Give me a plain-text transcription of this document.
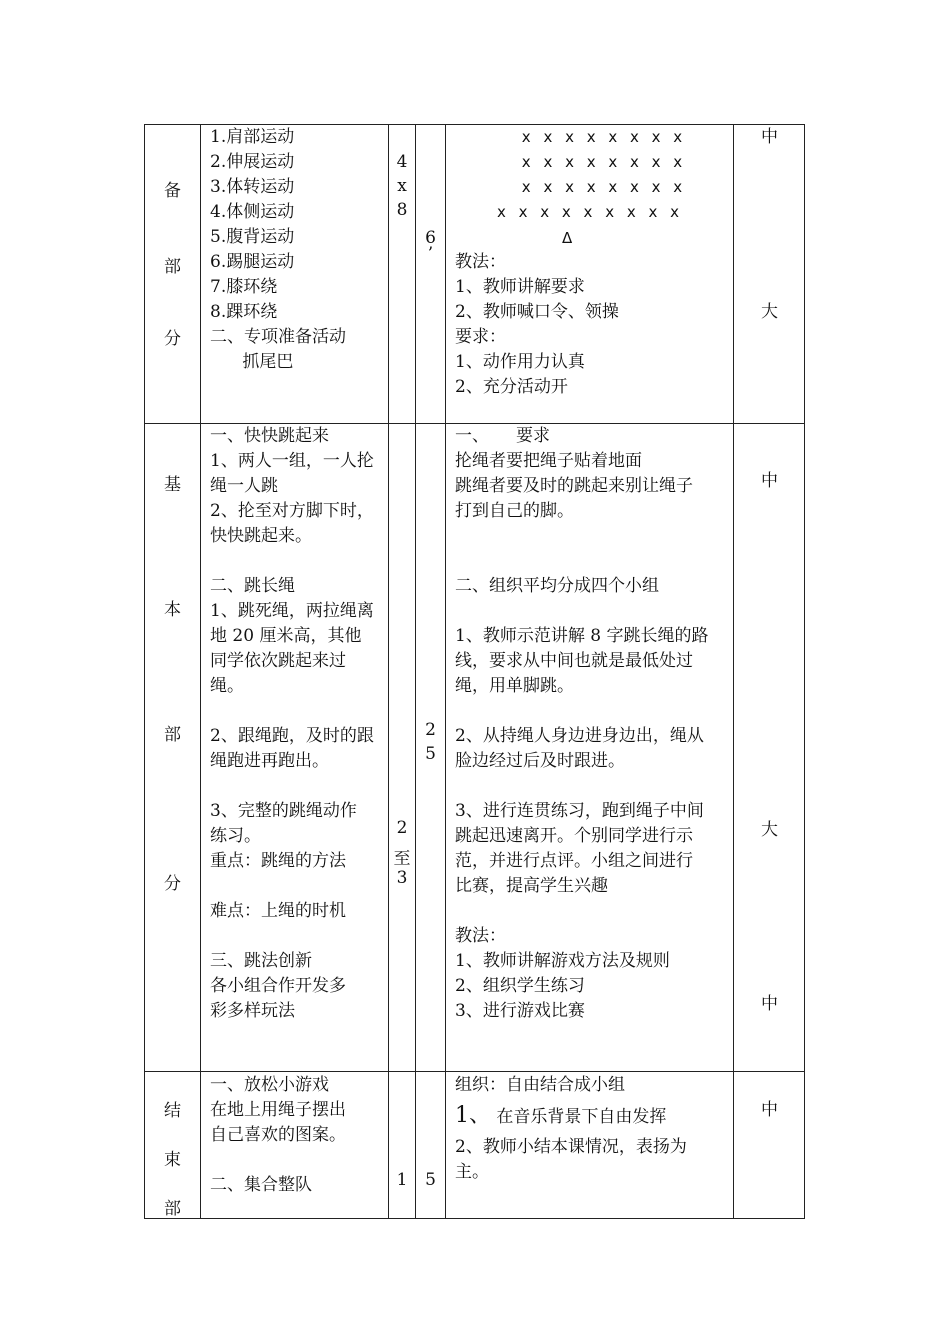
备
部
分
1.肩部运动
2.伸展运动
3.体转运动
4.体侧运动
5.腹背运动
6.踢腿运动
7.膝环绕
8.踝环绕
二、专项准备活动
抓尾巴
4
x
8
6
’
x x x x x x x x
x x x x x x x x
x x x x x x x x
x x x x x x x x x
Δ
教法：
1、教师讲解要求
2、教师喊口令、领操
要求：
1、动作用力认真
2、充分活动开
中
大
基
本
部
分
一、快快跳起来
1、两人一组，一人抡
绳一人跳
2、抡至对方脚下时，
快快跳起来。
二、跳长绳
1、跳死绳，两拉绳离
地 20 厘米高，其他
同学依次跳起来过
绳。
2、跟绳跑，及时的跟
绳跑进再跑出。
3、完整的跳绳动作
练习。
重点：跳绳的方法
难点：上绳的时机
三、跳法创新
各小组合作开发多
彩多样玩法
2
至
3
2
5
一、     要求
抡绳者要把绳子贴着地面
跳绳者要及时的跳起来别让绳子
打到自己的脚。
二、组织平均分成四个小组
1、教师示范讲解 8 字跳长绳的路
线，要求从中间也就是最低处过
绳，用单脚跳。
2、从持绳人身边进身边出，绳从
脸边经过后及时跟进。
3、进行连贯练习，跑到绳子中间
跳起迅速离开。个别同学进行示
范，并进行点评。小组之间进行
比赛，提高学生兴趣
教法：
1、教师讲解游戏方法及规则
2、组织学生练习
3、进行游戏比赛
中
大
中
结
束
部
一、放松小游戏
在地上用绳子摆出
自己喜欢的图案。
二、集合整队	1	5
组织：自由结合成小组
1、 在音乐背景下自由发挥
2、教师小结本课情况，表扬为
主。
中
